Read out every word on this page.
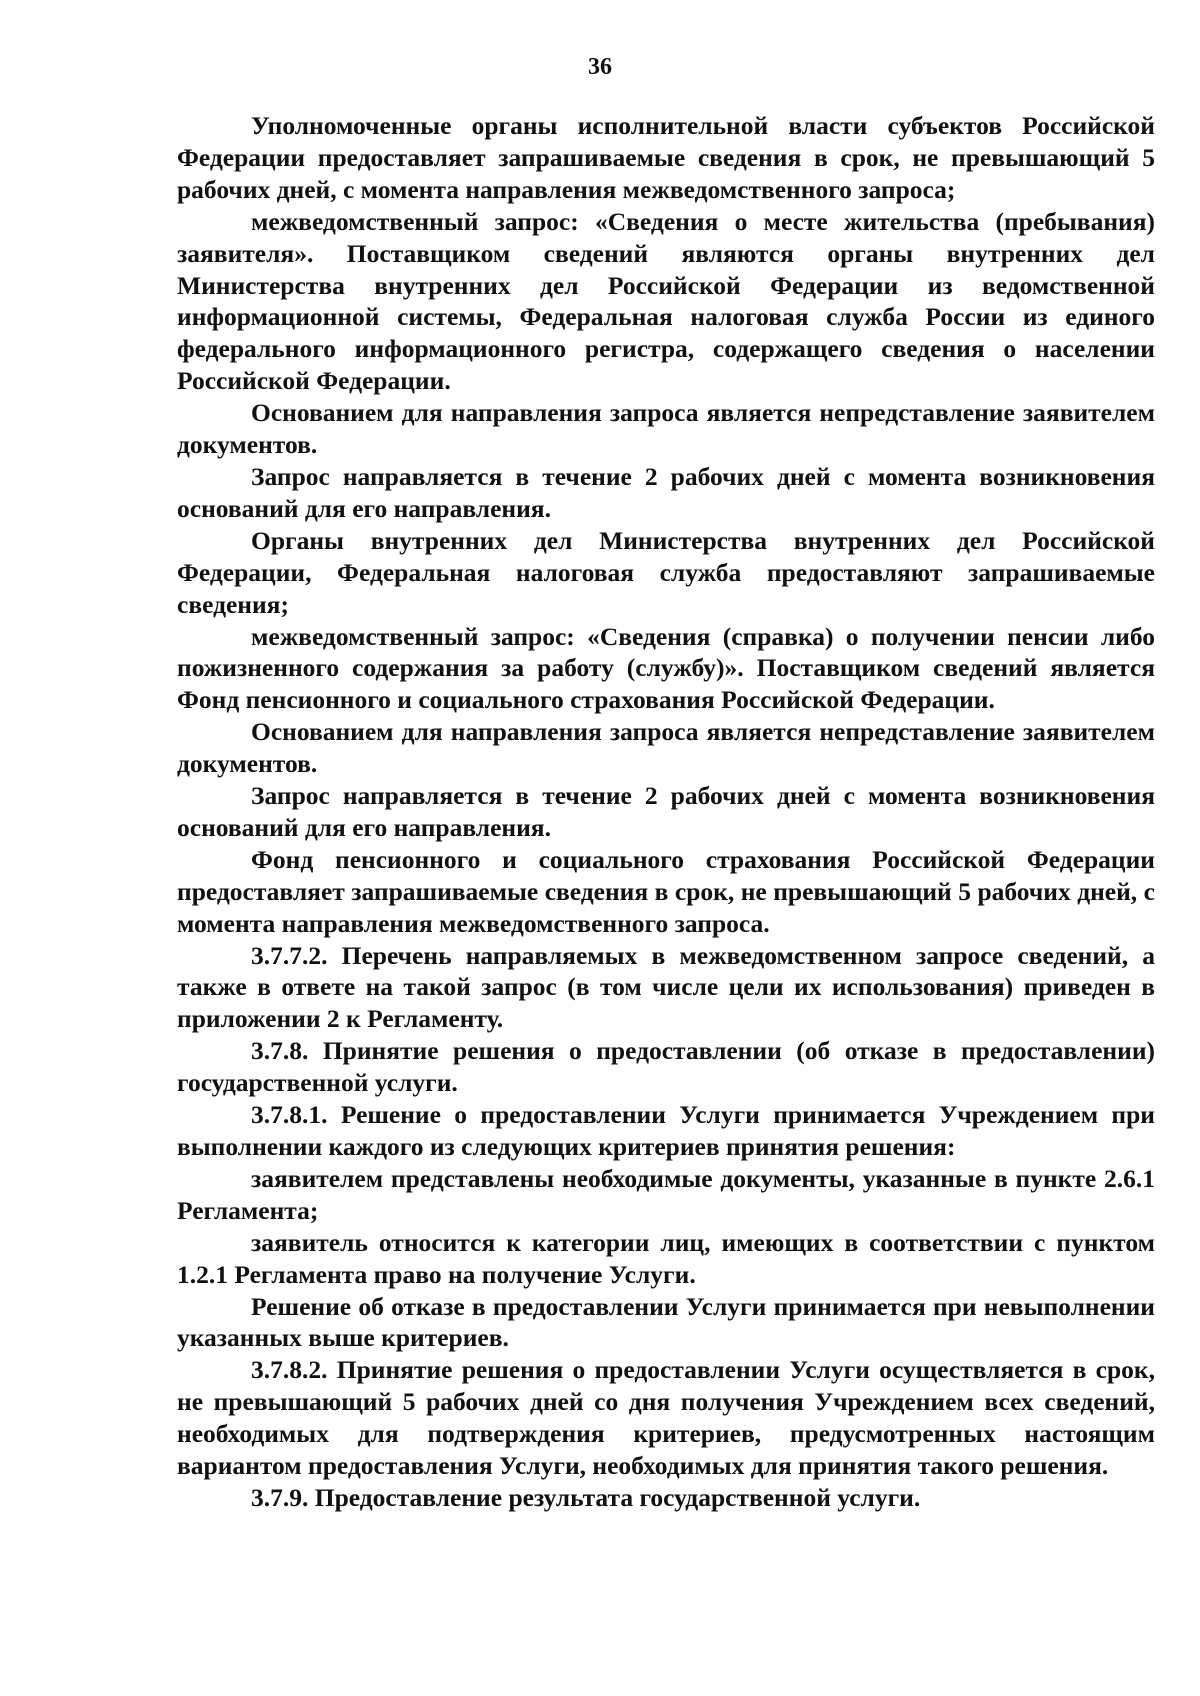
36

Уполномоченные органы исполнительной власти субъектов Российской Федерации предоставляет запрашиваемые сведения в срок, не превышающий 5 рабочих дней, с момента направления межведомственного запроса;

межведомственный запрос: «Сведения о месте жительства (пребывания) заявителя». Поставщиком сведений являются органы внутренних дел Министерства внутренних дел Российской Федерации из ведомственной информационной системы, Федеральная налоговая служба России из единого федерального информационного регистра, содержащего сведения о населении Российской Федерации.

Основанием для направления запроса является непредставление заявителем документов.

Запрос направляется в течение 2 рабочих дней с момента возникновения оснований для его направления.

Органы внутренних дел Министерства внутренних дел Российской Федерации, Федеральная налоговая служба предоставляют запрашиваемые сведения;

межведомственный запрос: «Сведения (справка) о получении пенсии либо пожизненного содержания за работу (службу)». Поставщиком сведений является Фонд пенсионного и социального страхования Российской Федерации.

Основанием для направления запроса является непредставление заявителем документов.

Запрос направляется в течение 2 рабочих дней с момента возникновения оснований для его направления.

Фонд пенсионного и социального страхования Российской Федерации предоставляет запрашиваемые сведения в срок, не превышающий 5 рабочих дней, с момента направления межведомственного запроса.

3.7.7.2. Перечень направляемых в межведомственном запросе сведений, а также в ответе на такой запрос (в том числе цели их использования) приведен в приложении 2 к Регламенту.

3.7.8. Принятие решения о предоставлении (об отказе в предоставлении) государственной услуги.

3.7.8.1. Решение о предоставлении Услуги принимается Учреждением при выполнении каждого из следующих критериев принятия решения:

заявителем представлены необходимые документы, указанные в пункте 2.6.1 Регламента;

заявитель относится к категории лиц, имеющих в соответствии с пунктом 1.2.1 Регламента право на получение Услуги.

Решение об отказе в предоставлении Услуги принимается при невыполнении указанных выше критериев.

3.7.8.2. Принятие решения о предоставлении Услуги осуществляется в срок, не превышающий 5 рабочих дней со дня получения Учреждением всех сведений, необходимых для подтверждения критериев, предусмотренных настоящим вариантом предоставления Услуги, необходимых для принятия такого решения.

3.7.9. Предоставление результата государственной услуги.
